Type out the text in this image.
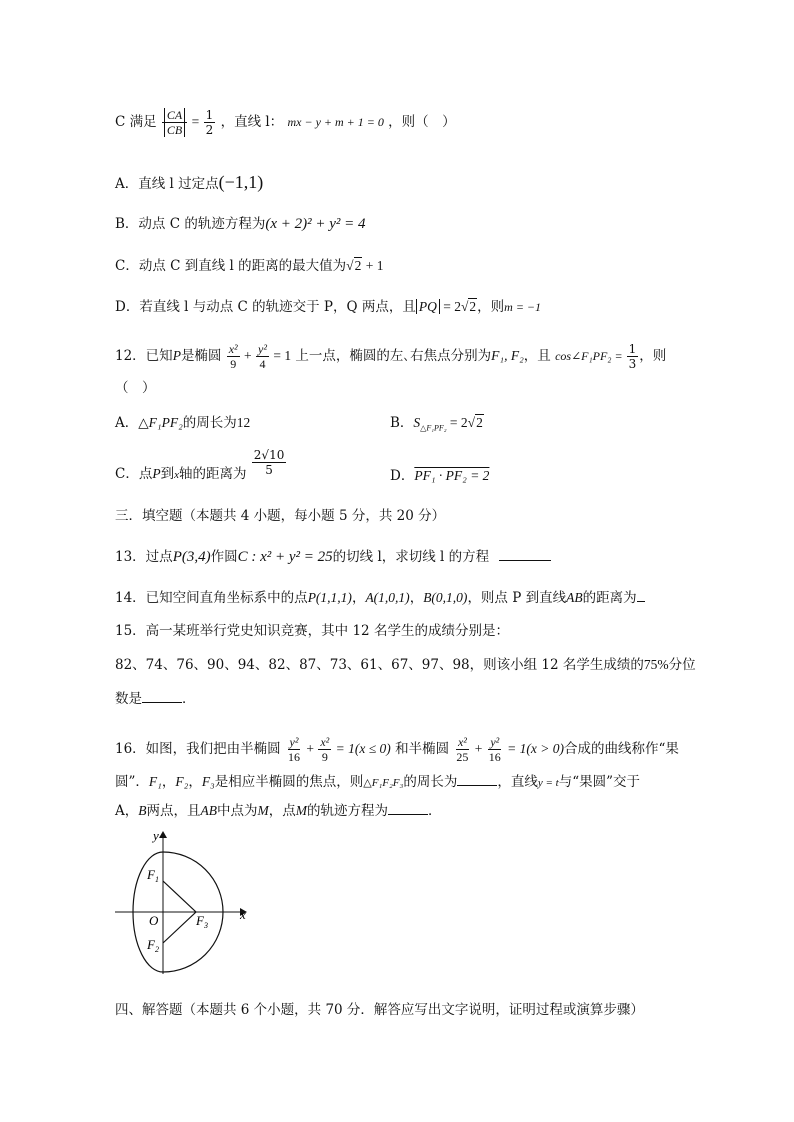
C 满足 $\frac{CA}{CB} = \frac{1}{2}$ ，直线 l： mx − y + m + 1 = 0 ，则（　）
A．直线 l 过定点(−1,1)
B．动点 C 的轨迹方程为(x + 2)² + y² = 4
C．动点 C 到直线 l 的距离的最大值为√2 + 1
D．若直线 l 与动点 C 的轨迹交于 P，Q 两点，且 PQ = 2√2，则m = −1
12．已知P是椭圆 $\frac{\text{x²}}{9} + \frac{\text{y²}}{4} = 1$ 上一点，椭圆的左､右焦点分别为F₁, F₂，且 cos∠F₁PF₂ = $\frac{1}{3}$ ，则
（　）
A．△F₁PF₂的周长为12	B．$S_{\triangle F_1PF_2} = 2√2$
C．点P到x轴的距离为 $\frac{2√10}{5}$	D．PF₁ · PF₂ = 2
三．填空题（本题共 4 小题，每小题 5 分，共 20 分）
13．过点P(3,4)作圆C : x² + y² = 25的切线 l，求切线 l 的方程
14．已知空间直角坐标系中的点P(1,1,1)，A(1,0,1)，B(0,1,0)，则点 P 到直线AB的距离为
15．高一某班举行党史知识竞赛，其中 12 名学生的成绩分别是：
82、74、76、90、94、82、87、73、61、67、97、98，则该小组 12 名学生成绩的75%分位
数是	．
16．如图，我们把由半椭圆 $\frac{\text{y²}}{16} + \frac{\text{x²}}{9} = 1(x \le 0)$ 和半椭圆 $\frac{\text{x²}}{25} + \frac{\text{y²}}{16} = 1(x > 0)$合成的曲线称作“果
圆”．F₁，F₂，F₃是相应半椭圆的焦点，则△F₁F₂F₃的周长为	，直线y = t与“果圆”交于
A，B两点，且AB中点为M，点M的轨迹方程为	．
y
x
O
$F_1$
$F_2$
$F_3$
四、解答题（本题共 6 个小题，共 70 分．解答应写出文字说明，证明过程或演算步骤）
